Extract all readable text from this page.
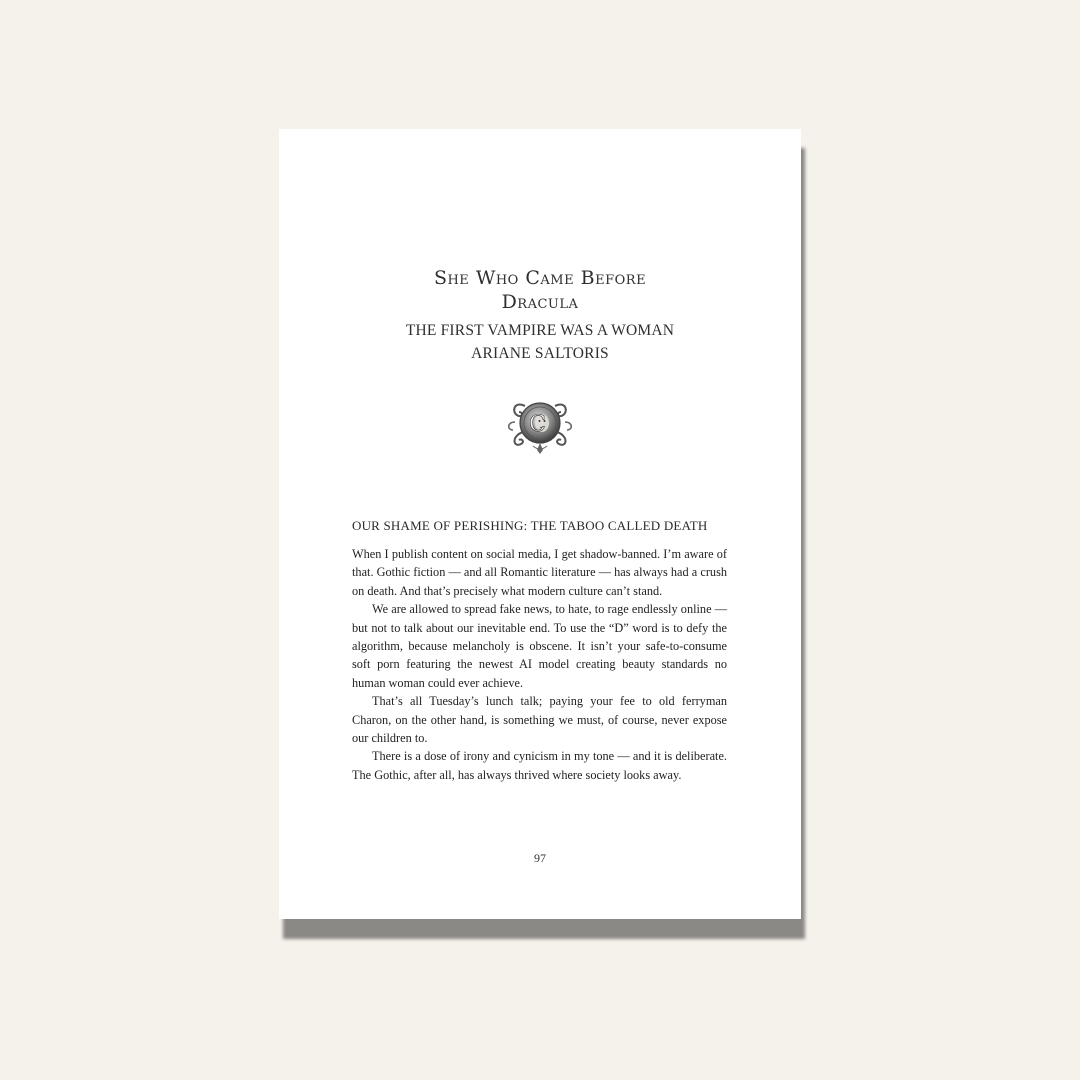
She Who Came Before
Dracula
THE FIRST VAMPIRE WAS A WOMAN
ARIANE SALTORIS
C
OUR SHAME OF PERISHING: THE TABOO CALLED DEATH

When I publish content on social media, I get shadow-banned. I’m aware of that. Gothic fiction — and all Romantic literature — has always had a crush on death. And that’s precisely what modern culture can’t stand.

We are allowed to spread fake news, to hate, to rage endlessly online — but not to talk about our inevitable end. To use the “D” word is to defy the algorithm, because melancholy is obscene. It isn’t your safe-to-consume soft porn featuring the newest AI model creating beauty standards no human woman could ever achieve.

That’s all Tuesday’s lunch talk; paying your fee to old ferryman Charon, on the other hand, is something we must, of course, never expose our children to.

There is a dose of irony and cynicism in my tone — and it is deliberate. The Gothic, after all, has always thrived where society looks away.

97
